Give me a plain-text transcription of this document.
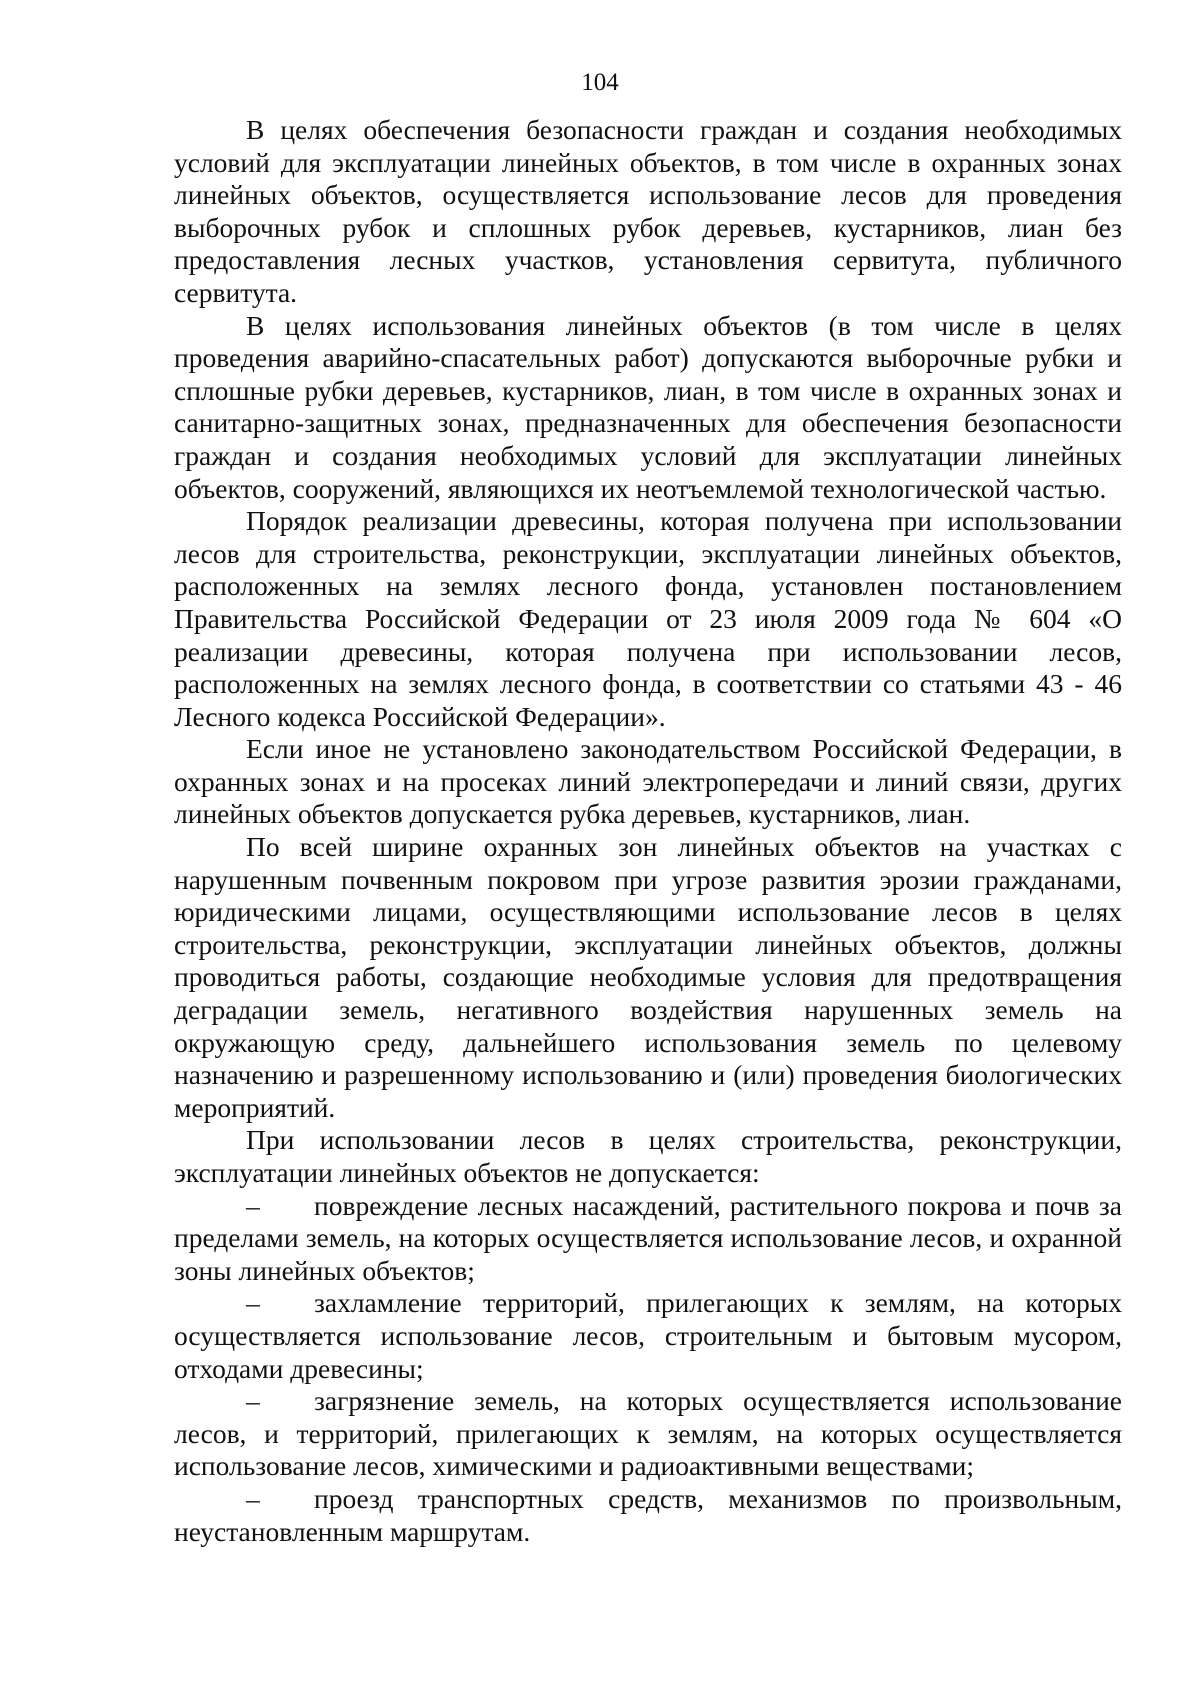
104

В целях обеспечения безопасности граждан и создания необходимых условий для эксплуатации линейных объектов, в том числе в охранных зонах линейных объектов, осуществляется использование лесов для проведения выборочных рубок и сплошных рубок деревьев, кустарников, лиан без предоставления лесных участков, установления сервитута, публичного сервитута.

В целях использования линейных объектов (в том числе в целях проведения аварийно-спасательных работ) допускаются выборочные рубки и сплошные рубки деревьев, кустарников, лиан, в том числе в охранных зонах и санитарно-защитных зонах, предназначенных для обеспечения безопасности граждан и создания необходимых условий для эксплуатации линейных объектов, сооружений, являющихся их неотъемлемой технологической частью.

Порядок реализации древесины, которая получена при использовании лесов для строительства, реконструкции, эксплуатации линейных объектов, расположенных на землях лесного фонда, установлен постановлением Правительства Российской Федерации от 23 июля 2009 года № 604 «О реализации древесины, которая получена при использовании лесов, расположенных на землях лесного фонда, в соответствии со статьями 43 - 46 Лесного кодекса Российской Федерации».

Если иное не установлено законодательством Российской Федерации, в охранных зонах и на просеках линий электропередачи и линий связи, других линейных объектов допускается рубка деревьев, кустарников, лиан.

По всей ширине охранных зон линейных объектов на участках с нарушенным почвенным покровом при угрозе развития эрозии гражданами, юридическими лицами, осуществляющими использование лесов в целях строительства, реконструкции, эксплуатации линейных объектов, должны проводиться работы, создающие необходимые условия для предотвращения деградации земель, негативного воздействия нарушенных земель на окружающую среду, дальнейшего использования земель по целевому назначению и разрешенному использованию и (или) проведения биологических мероприятий.

При использовании лесов в целях строительства, реконструкции, эксплуатации линейных объектов не допускается:

– повреждение лесных насаждений, растительного покрова и почв за пределами земель, на которых осуществляется использование лесов, и охранной зоны линейных объектов;

– захламление территорий, прилегающих к землям, на которых осуществляется использование лесов, строительным и бытовым мусором, отходами древесины;

– загрязнение земель, на которых осуществляется использование лесов, и территорий, прилегающих к землям, на которых осуществляется использование лесов, химическими и радиоактивными веществами;

– проезд транспортных средств, механизмов по произвольным, неустановленным маршрутам.
